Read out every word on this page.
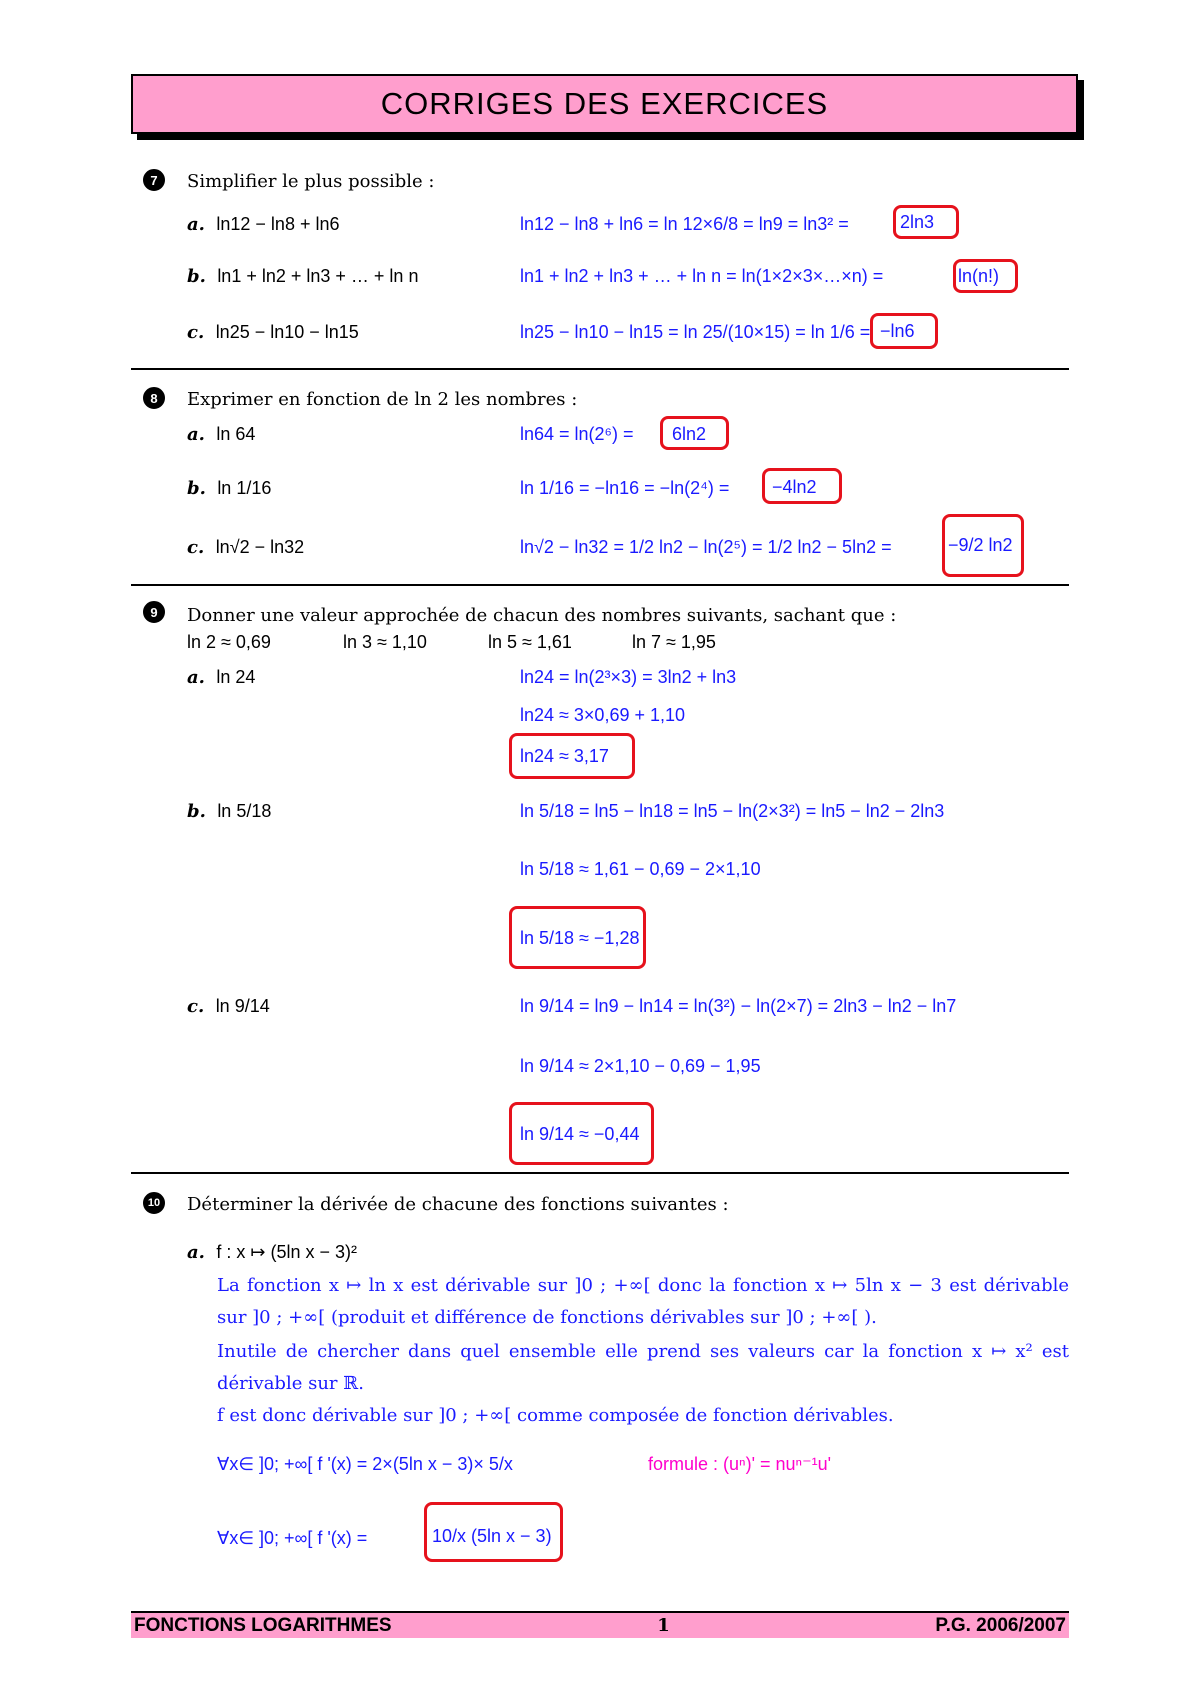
CORRIGES DES EXERCICES
7	Simplifier le plus possible :
a. ln12 − ln8 + ln6	ln12 − ln8 + ln6 = ln 12×6/8 = ln9 = ln3² =	2ln3
b. ln1 + ln2 + ln3 + … + ln n	ln1 + ln2 + ln3 + … + ln n = ln(1×2×3×…×n) =	ln(n!)
c. ln25 − ln10 − ln15	ln25 − ln10 − ln15 = ln 25/(10×15) = ln 1/6 = −ln6
8	Exprimer en fonction de ln 2 les nombres :
a. ln 64	ln64 = ln(2⁶) = 6ln2
b. ln 1/16	ln 1/16 = −ln16 = −ln(2⁴) = −4ln2
c. ln√2 − ln32	ln√2 − ln32 = 1/2 ln2 − ln(2⁵) = 1/2 ln2 − 5ln2 =	−9/2 ln2
9	Donner une valeur approchée de chacun des nombres suivants, sachant que :
ln 2 ≈ 0,69	ln 3 ≈ 1,10	ln 5 ≈ 1,61	ln 7 ≈ 1,95
a. ln 24	ln24 = ln(2³×3) = 3ln2 + ln3
ln24 ≈ 3×0,69 + 1,10
ln24 ≈ 3,17
b. ln 5/18	ln 5/18 = ln5 − ln18 = ln5 − ln(2×3²) = ln5 − ln2 − 2ln3
ln 5/18 ≈ 1,61 − 0,69 − 2×1,10
ln 5/18 ≈ −1,28
c. ln 9/14	ln 9/14 = ln9 − ln14 = ln(3²) − ln(2×7) = 2ln3 − ln2 − ln7
ln 9/14 ≈ 2×1,10 − 0,69 − 1,95
ln 9/14 ≈ −0,44
10 Déterminer la dérivée de chacune des fonctions suivantes :
a. f : x ↦ (5ln x − 3)²
La fonction x ↦ ln x est dérivable sur ]0 ; +∞[ donc la fonction x ↦ 5ln x − 3 est dérivable sur ]0 ; +∞[ (produit et différence de fonctions dérivables sur ]0 ; +∞[ ).
Inutile de chercher dans quel ensemble elle prend ses valeurs car la fonction x ↦ x² est dérivable sur ℝ.
f est donc dérivable sur ]0 ; +∞[ comme composée de fonction dérivables.
∀x∈ ]0; +∞[ f '(x) = 2×(5ln x − 3)× 5/x	formule : (uⁿ)' = nuⁿ⁻¹u'
∀x∈ ]0; +∞[ f '(x) =	10/x (5ln x − 3)
FONCTIONS LOGARITHMES	1	P.G. 2006/2007
